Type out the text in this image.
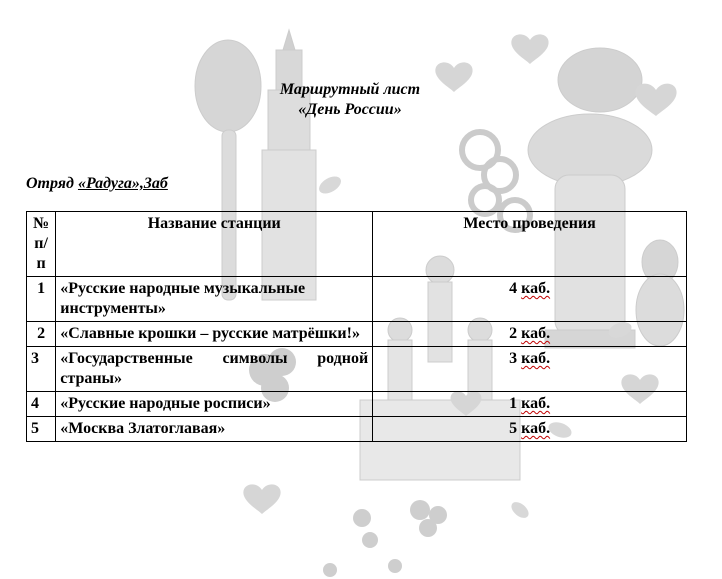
Маршрутный лист
«День России»
Отряд «Радуга»,3аб
№ п/п	Название станции	Место проведения
1	«Русские народные музыкальные инструменты»	4 каб.
2	«Славные крошки – русские матрёшки!»	2 каб.
3	«Государственные символы родной страны»	3 каб.
4	«Русские народные росписи»	1 каб.
5	«Москва Златоглавая»	5 каб.
